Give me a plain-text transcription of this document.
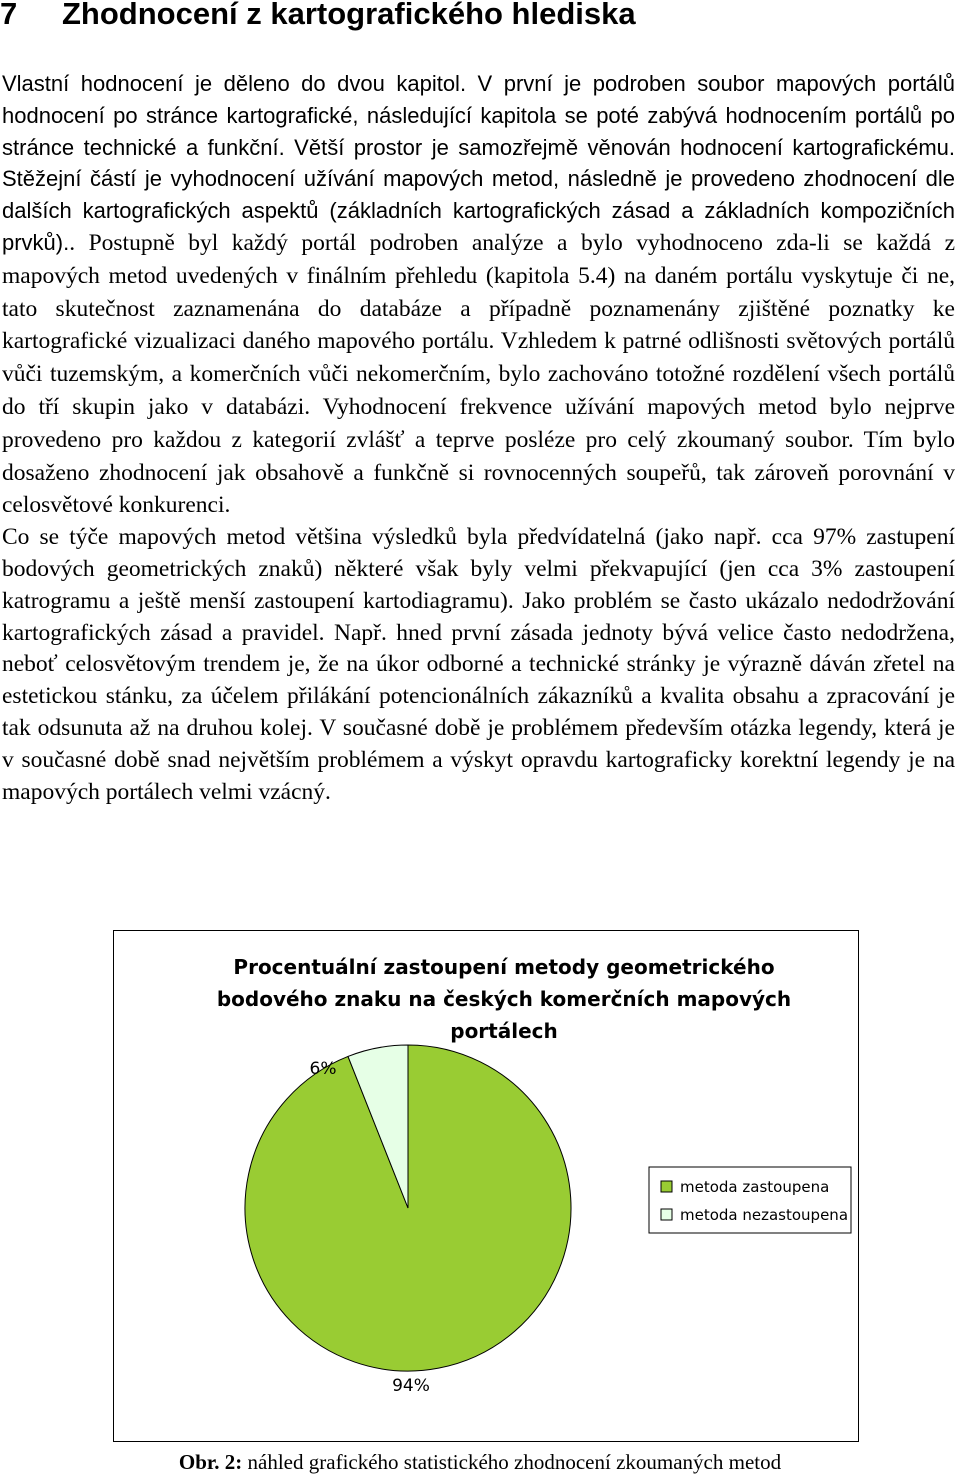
7 Zhodnocení z kartografického hlediska

Vlastní hodnocení je děleno do dvou kapitol. V první je podroben soubor mapových portálů hodnocení po stránce kartografické, následující kapitola se poté zabývá hodnocením portálů po stránce technické a funkční. Větší prostor je samozřejmě věnován hodnocení kartografickému. Stěžejní částí je vyhodnocení užívání mapových metod, následně je provedeno zhodnocení dle dalších kartografických aspektů (základních kartografických zásad a základních kompozičních prvků).. Postupně byl každý portál podroben analýze a bylo vyhodnoceno zda-li se každá z mapových metod uvedených v finálním přehledu (kapitola 5.4) na daném portálu vyskytuje či ne, tato skutečnost zaznamenána do databáze a případně poznamenány zjištěné poznatky ke kartografické vizualizaci daného mapového portálu. Vzhledem k patrné odlišnosti světových portálů vůči tuzemským, a komerčních vůči nekomerčním, bylo zachováno totožné rozdělení všech portálů do tří skupin jako v databázi. Vyhodnocení frekvence užívání mapových metod bylo nejprve provedeno pro každou z kategorií zvlášť a teprve posléze pro celý zkoumaný soubor. Tím bylo dosaženo zhodnocení jak obsahově a funkčně si rovnocenných soupeřů, tak zároveň porovnání v celosvětové konkurenci.

Co se týče mapových metod většina výsledků byla předvídatelná (jako např. cca 97% zastupení bodových geometrických znaků) některé však byly velmi překvapující (jen cca 3% zastoupení katrogramu a ještě menší zastoupení kartodiagramu). Jako problém se často ukázalo nedodržování kartografických zásad a pravidel. Např. hned první zásada jednoty bývá velice často nedodržena, neboť celosvětovým trendem je, že na úkor odborné a technické stránky je výrazně dáván zřetel na estetickou stánku, za účelem přilákání potencionálních zákazníků a kvalita obsahu a zpracování je tak odsunuta až na druhou kolej. V současné době je problémem především otázka legendy, která je v současné době snad největším problémem a výskyt opravdu kartograficky korektní legendy je na mapových portálech velmi vzácný.

Procentuální zastoupení metody geometrického
bodového znaku na českých komerčních mapových
portálech
94%
6%
metoda zastoupena
metoda nezastoupena

Obr. 2: náhled grafického statistického zhodnocení zkoumaných metod
